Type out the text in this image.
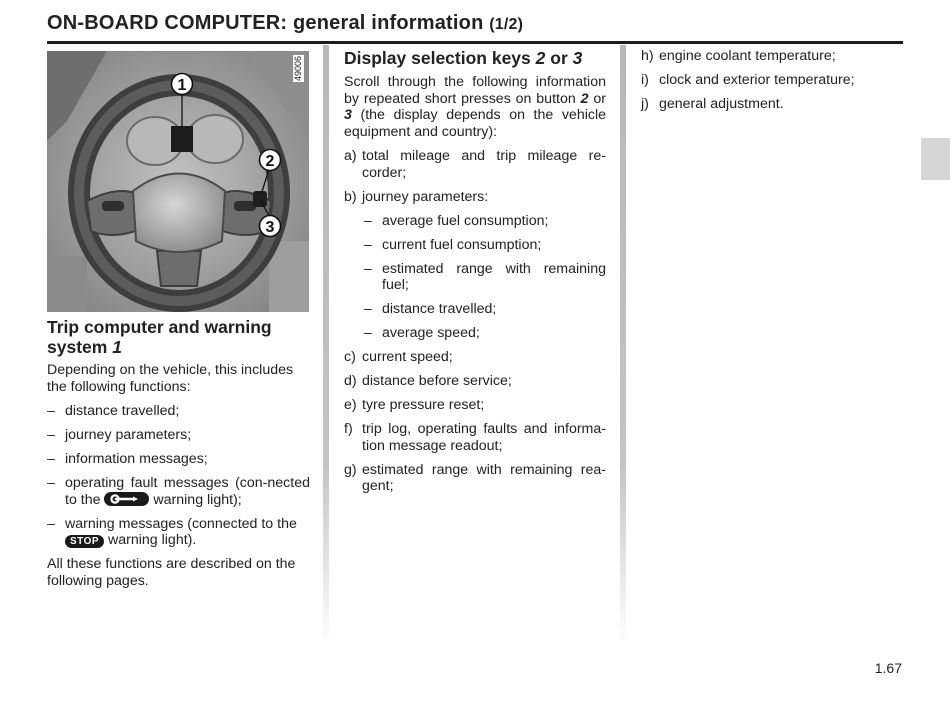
ON-BOARD COMPUTER: general information (1/2)
1
2
3
49006
Trip computer and warning system 1

Depending on the vehicle, this includes the following functions:

– distance travelled;
– journey parameters;
– information messages;
– operating fault messages (con-nected to the	warning light);
– warning messages (connected to the
STOP warning light).

All these functions are described on the following pages.

Display selection keys 2 or 3

Scroll through the following information by repeated short presses on button 2 or 3 (the display depends on the vehicle equipment and country):

a) total mileage and trip mileage re-corder;
b) journey parameters:
– average fuel consumption;
– current fuel consumption;
– estimated range with remaining fuel;
– distance travelled;
– average speed;
c) current speed;
d) distance before service;
e) tyre pressure reset;
f) trip log, operating faults and informa-tion message readout;
g) estimated range with remaining rea-gent;
h) engine coolant temperature;
i) clock and exterior temperature;
j) general adjustment.
1.67
